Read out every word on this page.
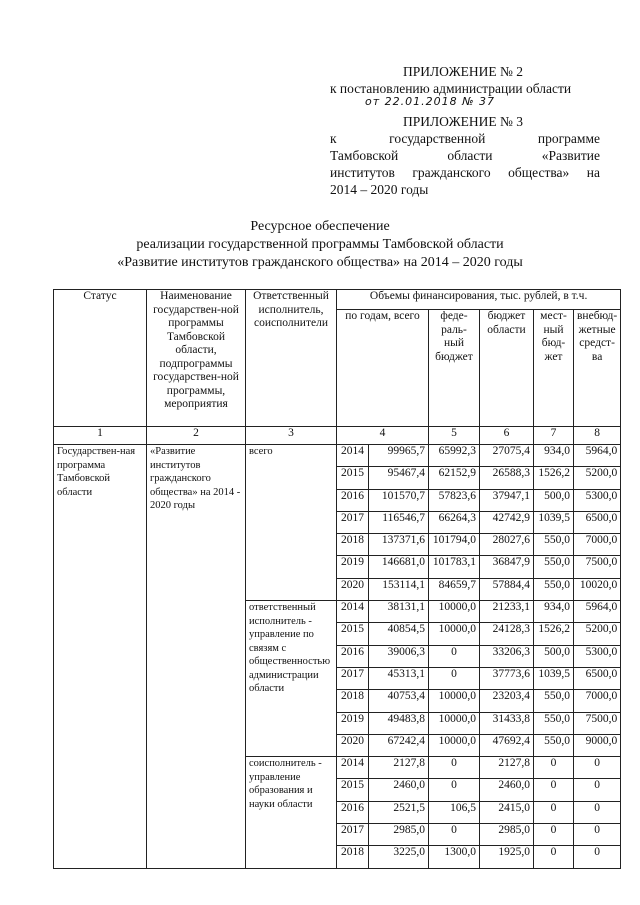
ПРИЛОЖЕНИЕ № 2
к постановлению администрации области
от 22.01.2018 № 37
ПРИЛОЖЕНИЕ № 3
к государственной программе
Тамбовской области «Развитие
институтов гражданского общества» на
2014 – 2020 годы
Ресурсное обеспечение
реализации государственной программы Тамбовской области
«Развитие институтов гражданского общества» на 2014 – 2020 годы
Статус	Наименование государствен-ной программы Тамбовской области, подпрограммы государствен-ной программы, мероприятия	Ответственный исполнитель, соисполнители	Объемы финансирования, тыс. рублей, в т.ч.					
			по годам, всего		феде-раль-ный бюджет	бюджет области	мест-ный бюд-жет	внебюд-жетные средст-ва
1	2	3	4		5	6	7	8
Государствен-ная программа Тамбовской области	«Развитие институтов гражданского общества» на 2014 - 2020 годы	всего	2014	99965,7	65992,3	27075,4	934,0	5964,0
			2015	95467,4	62152,9	26588,3	1526,2	5200,0
			2016	101570,7	57823,6	37947,1	500,0	5300,0
			2017	116546,7	66264,3	42742,9	1039,5	6500,0
			2018	137371,6	101794,0	28027,6	550,0	7000,0
			2019	146681,0	101783,1	36847,9	550,0	7500,0
			2020	153114,1	84659,7	57884,4	550,0	10020,0
		ответственный исполнитель - управление по связям с общественностью администрации области	2014	38131,1	10000,0	21233,1	934,0	5964,0
			2015	40854,5	10000,0	24128,3	1526,2	5200,0
			2016	39006,3	0	33206,3	500,0	5300,0
			2017	45313,1	0	37773,6	1039,5	6500,0
			2018	40753,4	10000,0	23203,4	550,0	7000,0
			2019	49483,8	10000,0	31433,8	550,0	7500,0
			2020	67242,4	10000,0	47692,4	550,0	9000,0
		соисполнитель - управление образования и науки области	2014	2127,8	0	2127,8	0	0
			2015	2460,0	0	2460,0	0	0
			2016	2521,5	106,5	2415,0	0	0
			2017	2985,0	0	2985,0	0	0
			2018	3225,0	1300,0	1925,0	0	0
